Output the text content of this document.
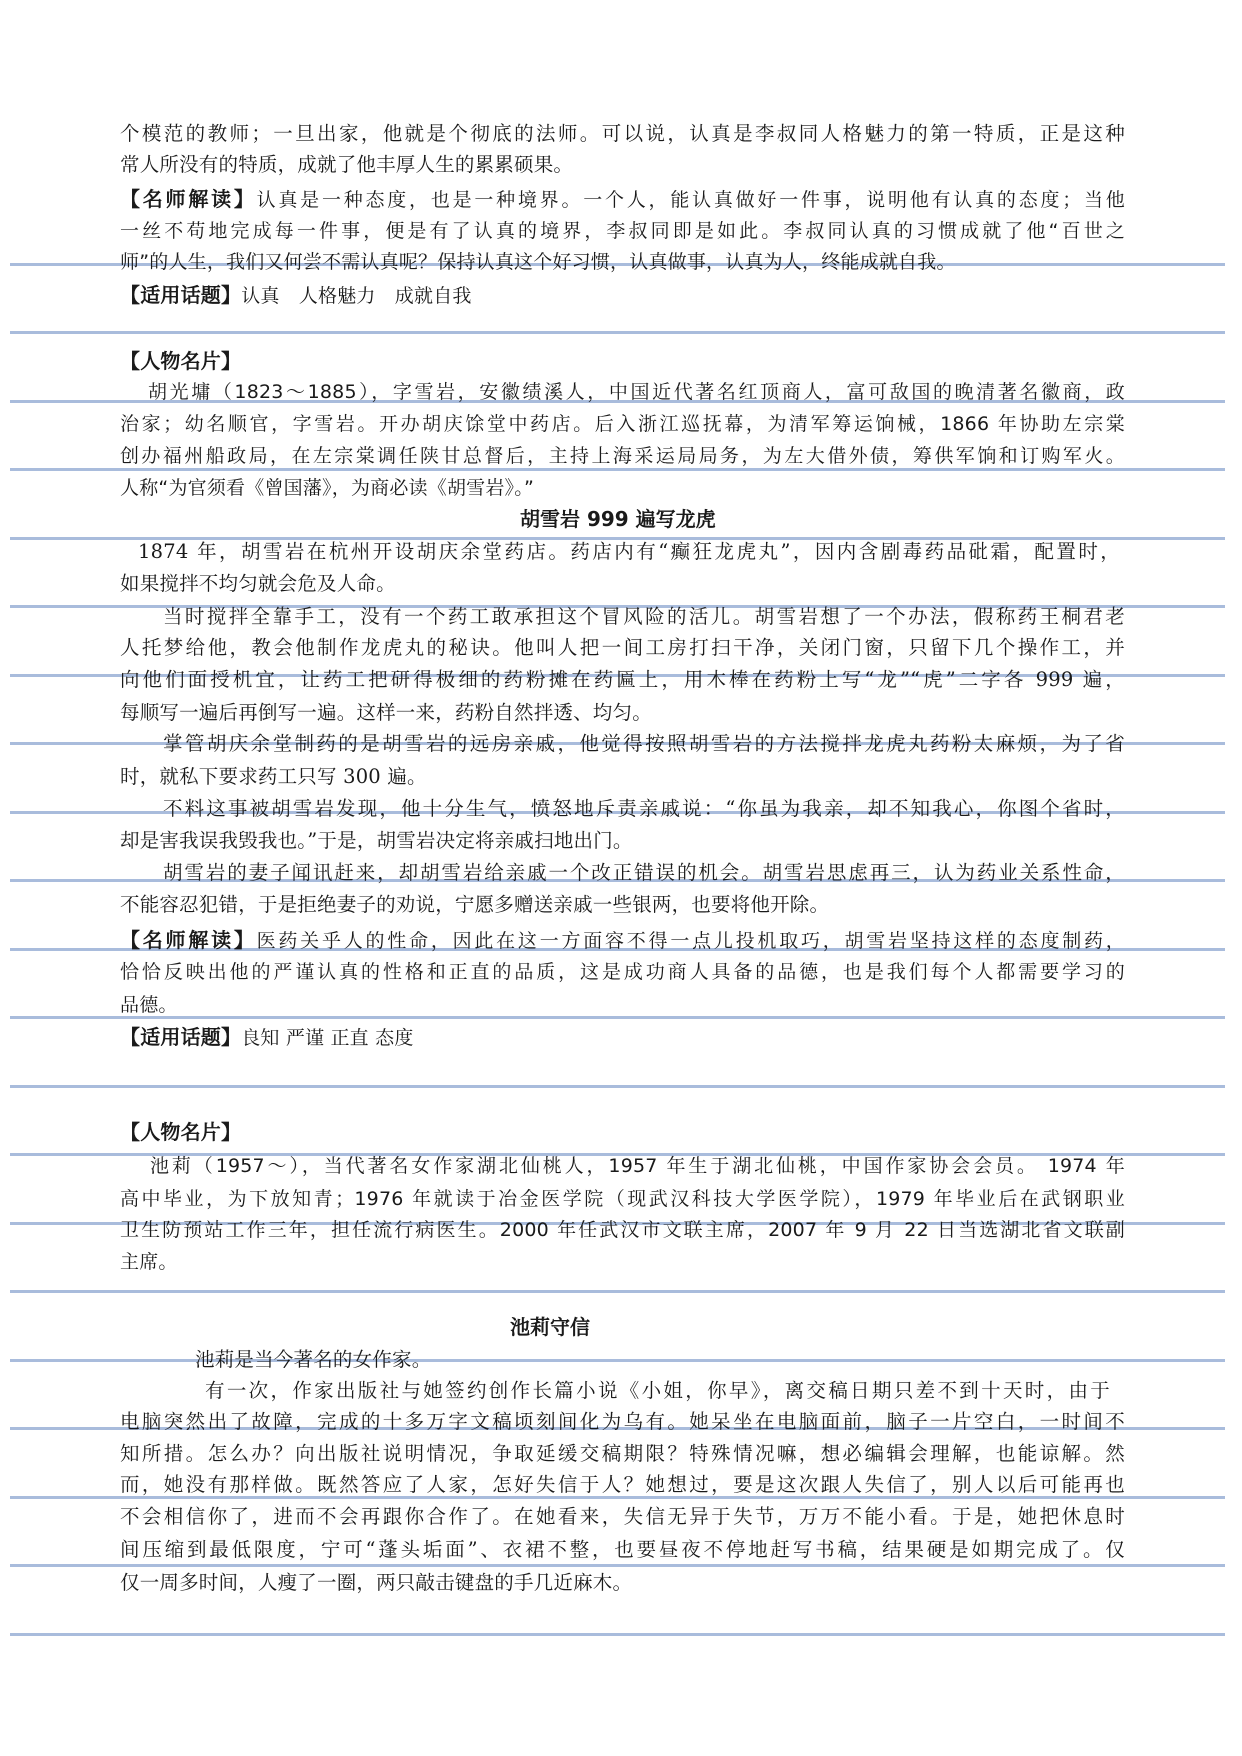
个模范的教师；一旦出家，他就是个彻底的法师。可以说，认真是李叔同人格魅力的第一特质，正是这种
常人所没有的特质，成就了他丰厚人生的累累硕果。
【名师解读】认真是一种态度，也是一种境界。一个人，能认真做好一件事，说明他有认真的态度；当他
一丝不苟地完成每一件事，便是有了认真的境界，李叔同即是如此。李叔同认真的习惯成就了他“百世之
师”的人生，我们又何尝不需认真呢？保持认真这个好习惯，认真做事，认真为人，终能成就自我。
【适用话题】认真　人格魅力　成就自我
【人物名片】
胡光墉（1823～1885），字雪岩，安徽绩溪人，中国近代著名红顶商人，富可敌国的晚清著名徽商，政
治家；幼名顺官，字雪岩。开办胡庆馀堂中药店。后入浙江巡抚幕，为清军筹运饷械，1866 年协助左宗棠
创办福州船政局，在左宗棠调任陕甘总督后，主持上海采运局局务，为左大借外债，筹供军饷和订购军火。
人称“为官须看《曾国藩》，为商必读《胡雪岩》。”
胡雪岩 999 遍写龙虎
1874 年，胡雪岩在杭州开设胡庆余堂药店。药店内有“癫狂龙虎丸”，因内含剧毒药品砒霜，配置时，
如果搅拌不均匀就会危及人命。
当时搅拌全靠手工，没有一个药工敢承担这个冒风险的活儿。胡雪岩想了一个办法，假称药王桐君老
人托梦给他，教会他制作龙虎丸的秘诀。他叫人把一间工房打扫干净，关闭门窗，只留下几个操作工，并
向他们面授机宜，让药工把研得极细的药粉摊在药匾上，用木棒在药粉上写“龙”“虎”二字各 999 遍，
每顺写一遍后再倒写一遍。这样一来，药粉自然拌透、均匀。
掌管胡庆余堂制药的是胡雪岩的远房亲戚，他觉得按照胡雪岩的方法搅拌龙虎丸药粉太麻烦，为了省
时，就私下要求药工只写 300 遍。
不料这事被胡雪岩发现，他十分生气，愤怒地斥责亲戚说：“你虽为我亲，却不知我心，你图个省时，
却是害我误我毁我也。”于是，胡雪岩决定将亲戚扫地出门。
胡雪岩的妻子闻讯赶来，却胡雪岩给亲戚一个改正错误的机会。胡雪岩思虑再三，认为药业关系性命，
不能容忍犯错，于是拒绝妻子的劝说，宁愿多赠送亲戚一些银两，也要将他开除。
【名师解读】医药关乎人的性命，因此在这一方面容不得一点儿投机取巧，胡雪岩坚持这样的态度制药，
恰恰反映出他的严谨认真的性格和正直的品质，这是成功商人具备的品德，也是我们每个人都需要学习的
品德。
【适用话题】良知 严谨 正直 态度
【人物名片】
池莉（1957～），当代著名女作家湖北仙桃人，1957 年生于湖北仙桃，中国作家协会会员。 1974 年
高中毕业，为下放知青；1976 年就读于冶金医学院（现武汉科技大学医学院），1979 年毕业后在武钢职业
卫生防预站工作三年，担任流行病医生。2000 年任武汉市文联主席，2007 年 9 月 22 日当选湖北省文联副
主席。
池莉守信
池莉是当今著名的女作家。
有一次，作家出版社与她签约创作长篇小说《小姐，你早》，离交稿日期只差不到十天时，由于
电脑突然出了故障，完成的十多万字文稿顷刻间化为乌有。她呆坐在电脑面前，脑子一片空白，一时间不
知所措。怎么办？向出版社说明情况，争取延缓交稿期限？特殊情况嘛，想必编辑会理解，也能谅解。然
而，她没有那样做。既然答应了人家，怎好失信于人？她想过，要是这次跟人失信了，别人以后可能再也
不会相信你了，进而不会再跟你合作了。在她看来，失信无异于失节，万万不能小看。于是，她把休息时
间压缩到最低限度，宁可“蓬头垢面”、衣裙不整，也要昼夜不停地赶写书稿，结果硬是如期完成了。仅
仅一周多时间，人瘦了一圈，两只敲击键盘的手几近麻木。
